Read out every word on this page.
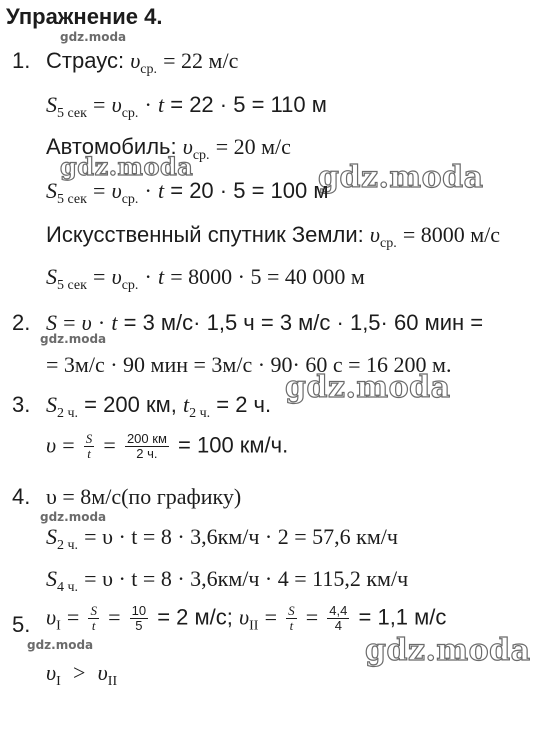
Упражнение 4.
gdz.moda
gdz.moda	gdz.moda
gdz.moda
gdz.moda
gdz.moda
gdz.moda	gdz.moda
1. Страус: $\upsilon_{ср.} = 22$ м/с
$S_{5 сек} = \upsilon_{ср.} \cdot t = 22 \cdot 5 = 110$ м
Автомобиль: $\upsilon_{ср.} = 20$ м/с
$S_{5 сек} = \upsilon_{ср.} \cdot t = 20 \cdot 5 = 100$ м
Искусственный спутник Земли: $\upsilon_{ср.} = 8000$ м/с
$S_{5 сек} = \upsilon_{ср.} \cdot t = 8000 \cdot 5 = 40$ 000 м
2. S = υ · t = 3 м/с· 1,5 ч = 3 м/с · 1,5· 60 мин =
= 3м/с · 90 мин = 3м/с · 90· 60 с = 16 200 м.
3. $S_{2 ч.} = 200$ км, $t_{2 ч.} = 2$ ч.
$\upsilon = \frac{S}{t} = \frac{200 км}{2 ч.} = 100$ км/ч.
4. υ = 8м/с(по графику)
$S_{2 ч.} = \upsilon \cdot t = 8 \cdot 3,6км/ч \cdot 2 = 57,6$ км/ч
$S_{4 ч.} = \upsilon \cdot t = 8 \cdot 3,6км/ч \cdot 4 = 115,2$ км/ч
5. $\upsilon_I = \frac{S}{t} = \frac{10}{5} = 2$ м/с; $\upsilon_{II} = \frac{S}{t} = \frac{4,4}{4} = 1,1$ м/с
$\upsilon_I > \upsilon_{II}$
